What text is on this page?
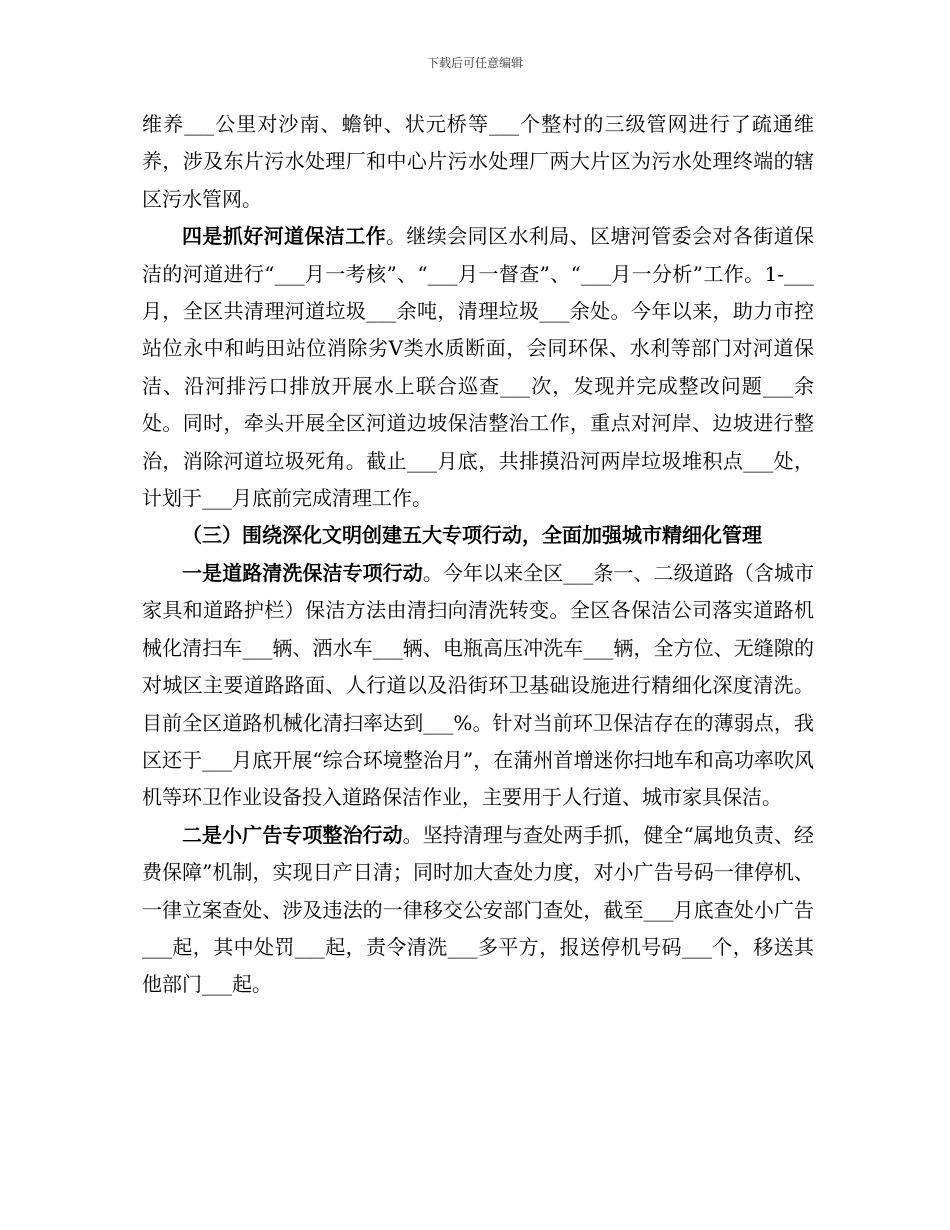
下载后可任意编辑

维养___公里对沙南、蟾钟、状元桥等___个整村的三级管网进行了疏通维养，涉及东片污水处理厂和中心片污水处理厂两大片区为污水处理终端的辖区污水管网。

四是抓好河道保洁工作。继续会同区水利局、区塘河管委会对各街道保洁的河道进行“___月一考核”、“___月一督查”、“___月一分析”工作。1-___月，全区共清理河道垃圾___余吨，清理垃圾___余处。今年以来，助力市控站位永中和屿田站位消除劣Ⅴ类水质断面，会同环保、水利等部门对河道保洁、沿河排污口排放开展水上联合巡查___次，发现并完成整改问题___余处。同时，牵头开展全区河道边坡保洁整治工作，重点对河岸、边坡进行整治，消除河道垃圾死角。截止___月底，共排摸沿河两岸垃圾堆积点___处，计划于___月底前完成清理工作。

（三）围绕深化文明创建五大专项行动，全面加强城市精细化管理

一是道路清洗保洁专项行动。今年以来全区___条一、二级道路（含城市家具和道路护栏）保洁方法由清扫向清洗转变。全区各保洁公司落实道路机械化清扫车___辆、洒水车___辆、电瓶高压冲洗车___辆，全方位、无缝隙的对城区主要道路路面、人行道以及沿街环卫基础设施进行精细化深度清洗。目前全区道路机械化清扫率达到___%。针对当前环卫保洁存在的薄弱点，我区还于___月底开展“综合环境整治月”，在蒲州首增迷你扫地车和高功率吹风机等环卫作业设备投入道路保洁作业，主要用于人行道、城市家具保洁。

二是小广告专项整治行动。坚持清理与查处两手抓，健全“属地负责、经费保障”机制，实现日产日清；同时加大查处力度，对小广告号码一律停机、一律立案查处、涉及违法的一律移交公安部门查处，截至___月底查处小广告___起，其中处罚___起，责令清洗___多平方，报送停机号码___个，移送其他部门___起。
